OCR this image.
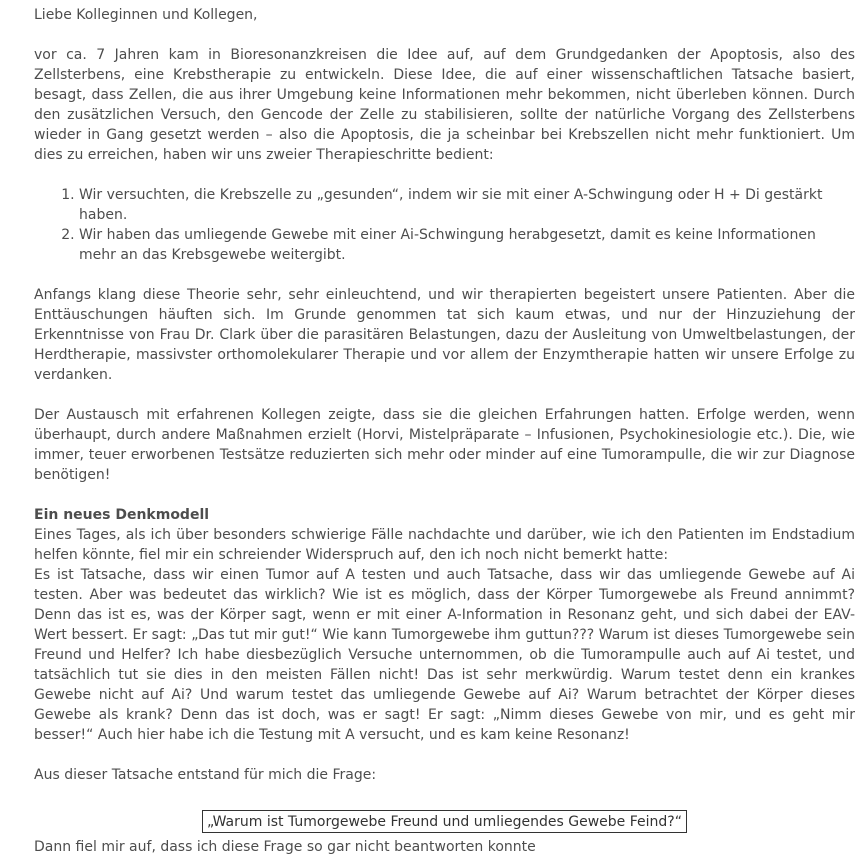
Liebe Kolleginnen und Kollegen,

vor ca. 7 Jahren kam in Bioresonanzkreisen die Idee auf, auf dem Grundgedanken der Apoptosis, also des Zellsterbens, eine Krebstherapie zu entwickeln. Diese Idee, die auf einer wissenschaftlichen Tatsache basiert, besagt, dass Zellen, die aus ihrer Umgebung keine Informationen mehr bekommen, nicht überleben können. Durch den zusätzlichen Versuch, den Gencode der Zelle zu stabilisieren, sollte der natürliche Vorgang des Zellsterbens wieder in Gang gesetzt werden – also die Apoptosis, die ja scheinbar bei Krebszellen nicht mehr funktioniert. Um dies zu erreichen, haben wir uns zweier Therapieschritte bedient:

1. Wir versuchten, die Krebszelle zu „gesunden“, indem wir sie mit einer A-Schwingung oder H + Di gestärkt haben.
2. Wir haben das umliegende Gewebe mit einer Ai-Schwingung herabgesetzt, damit es keine Informationen mehr an das Krebsgewebe weitergibt.

Anfangs klang diese Theorie sehr, sehr einleuchtend, und wir therapierten begeistert unsere Patienten. Aber die Enttäuschungen häuften sich. Im Grunde genommen tat sich kaum etwas, und nur der Hinzuziehung der Erkenntnisse von Frau Dr. Clark über die parasitären Belastungen, dazu der Ausleitung von Umweltbelastungen, der Herdtherapie, massivster orthomolekularer Therapie und vor allem der Enzymtherapie hatten wir unsere Erfolge zu verdanken.

Der Austausch mit erfahrenen Kollegen zeigte, dass sie die gleichen Erfahrungen hatten. Erfolge werden, wenn überhaupt, durch andere Maßnahmen erzielt (Horvi, Mistelpräparate – Infusionen, Psychokinesiologie etc.). Die, wie immer, teuer erworbenen Testsätze reduzierten sich mehr oder minder auf eine Tumorampulle, die wir zur Diagnose benötigen!

Ein neues Denkmodell
Eines Tages, als ich über besonders schwierige Fälle nachdachte und darüber, wie ich den Patienten im Endstadium helfen könnte, fiel mir ein schreiender Widerspruch auf, den ich noch nicht bemerkt hatte:

Es ist Tatsache, dass wir einen Tumor auf A testen und auch Tatsache, dass wir das umliegende Gewebe auf Ai testen. Aber was bedeutet das wirklich? Wie ist es möglich, dass der Körper Tumorgewebe als Freund annimmt? Denn das ist es, was der Körper sagt, wenn er mit einer A-Information in Resonanz geht, und sich dabei der EAV-Wert bessert. Er sagt: „Das tut mir gut!“ Wie kann Tumorgewebe ihm guttun??? Warum ist dieses Tumorgewebe sein Freund und Helfer? Ich habe diesbezüglich Versuche unternommen, ob die Tumorampulle auch auf Ai testet, und tatsächlich tut sie dies in den meisten Fällen nicht! Das ist sehr merkwürdig. Warum testet denn ein krankes Gewebe nicht auf Ai? Und warum testet das umliegende Gewebe auf Ai? Warum betrachtet der Körper dieses Gewebe als krank? Denn das ist doch, was er sagt! Er sagt: „Nimm dieses Gewebe von mir, und es geht mir besser!“ Auch hier habe ich die Testung mit A versucht, und es kam keine Resonanz!

Aus dieser Tatsache entstand für mich die Frage:

„Warum ist Tumorgewebe Freund und umliegendes Gewebe Feind?“
Dann fiel mir auf, dass ich diese Frage so gar nicht beantworten konnte
